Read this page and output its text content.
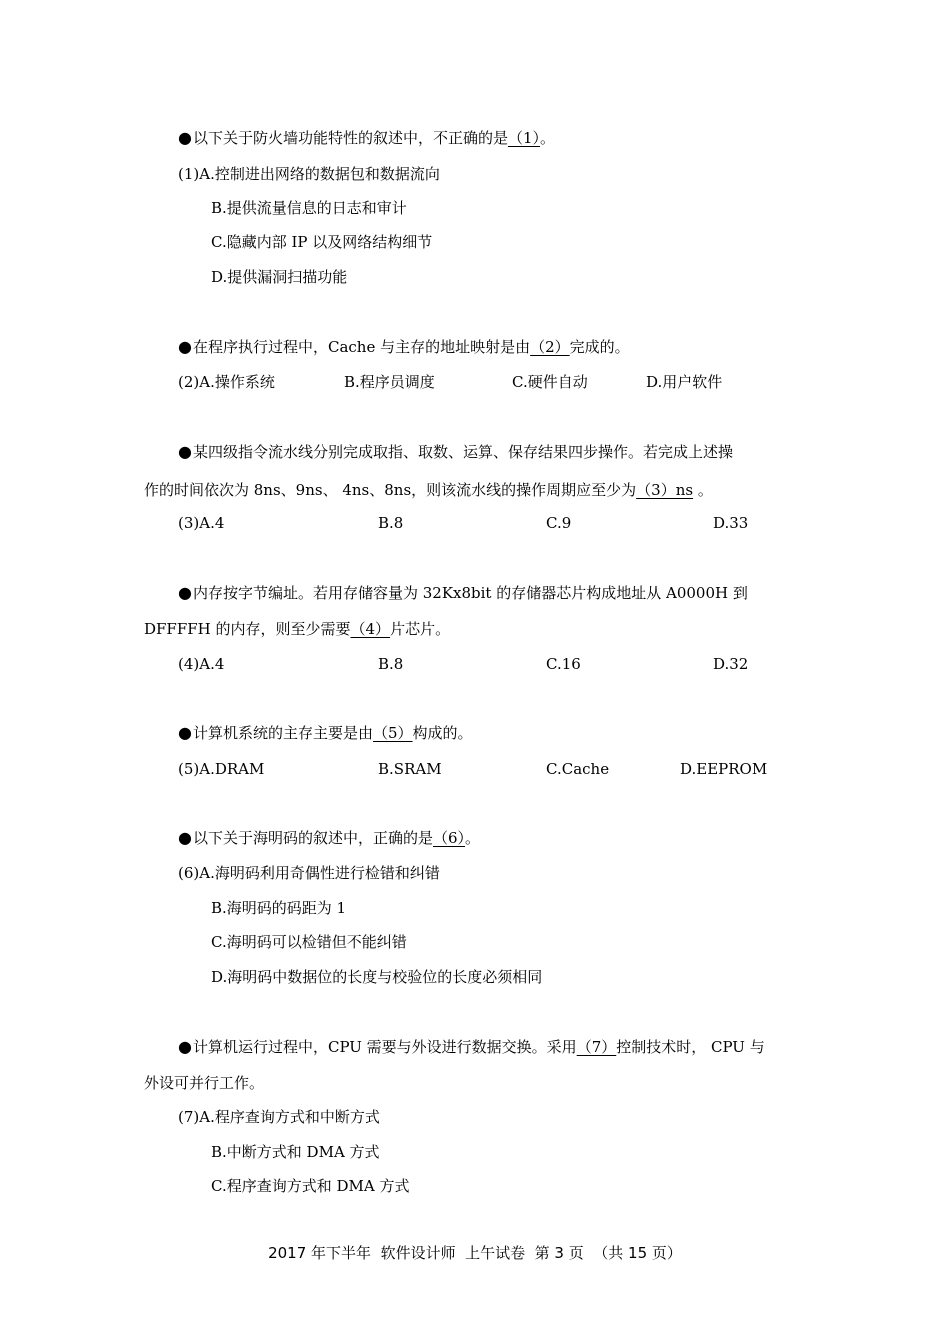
●以下关于防火墙功能特性的叙述中，不正确的是（1）。
(1)A.控制进出网络的数据包和数据流向
B.提供流量信息的日志和审计
C.隐藏内部 IP 以及网络结构细节
D.提供漏洞扫描功能
●在程序执行过程中，Cache 与主存的地址映射是由（2）完成的。
(2)A.操作系统	B.程序员调度	C.硬件自动	D.用户软件
●某四级指令流水线分别完成取指、取数、运算、保存结果四步操作。若完成上述操
作的时间依次为 8ns、9ns、 4ns、8ns，则该流水线的操作周期应至少为（3）ns 。
(3)A.4	B.8	C.9	D.33
●内存按字节编址。若用存储容量为 32Kx8bit 的存储器芯片构成地址从 A0000H 到
DFFFFH 的内存，则至少需要（4）片芯片。
(4)A.4	B.8	C.16	D.32
●计算机系统的主存主要是由（5）构成的。
(5)A.DRAM	B.SRAM	C.Cache	D.EEPROM
●以下关于海明码的叙述中，正确的是（6）。
(6)A.海明码利用奇偶性进行检错和纠错
B.海明码的码距为 1
C.海明码可以检错但不能纠错
D.海明码中数据位的长度与校验位的长度必须相同
●计算机运行过程中，CPU 需要与外设进行数据交换。采用（7）控制技术时， CPU 与
外设可并行工作。
(7)A.程序查询方式和中断方式
B.中断方式和 DMA 方式
C.程序查询方式和 DMA 方式
2017 年下半年  软件设计师  上午试卷  第 3 页  （共 15 页）
